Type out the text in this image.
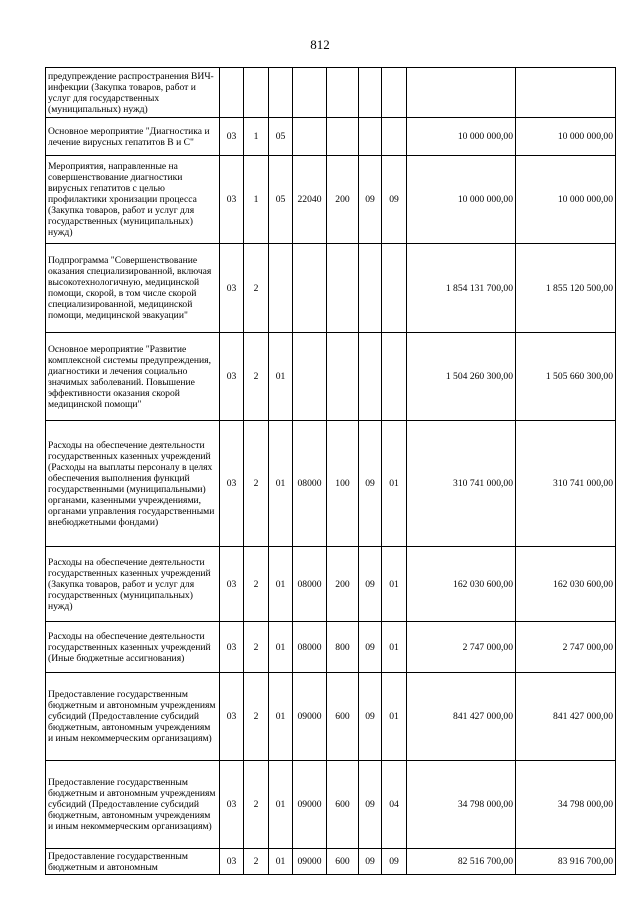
812
предупреждение распространения ВИЧ-инфекции (Закупка товаров, работ и услуг для государственных (муниципальных) нужд)									
Основное мероприятие "Диагностика и лечение вирусных гепатитов В и С"	03	1	05					10 000 000,00	10 000 000,00
Мероприятия, направленные на совершенствование диагностики вирусных гепатитов с целью профилактики хронизации процесса (Закупка товаров, работ и услуг для государственных (муниципальных) нужд)	03	1	05	22040	200	09	09	10 000 000,00	10 000 000,00
Подпрограмма "Совершенствование оказания специализированной, включая высокотехнологичную, медицинской помощи, скорой, в том числе скорой специализированной, медицинской помощи, медицинской эвакуации"	03	2						1 854 131 700,00	1 855 120 500,00
Основное мероприятие "Развитие комплексной системы предупреждения, диагностики и лечения социально значимых заболеваний. Повышение эффективности оказания скорой медицинской помощи"	03	2	01					1 504 260 300,00	1 505 660 300,00
Расходы на обеспечение деятельности государственных казенных учреждений (Расходы на выплаты персоналу в целях обеспечения выполнения функций государственными (муниципальными) органами, казенными учреждениями, органами управления государственными внебюджетными фондами)	03	2	01	08000	100	09	01	310 741 000,00	310 741 000,00
Расходы на обеспечение деятельности государственных казенных учреждений (Закупка товаров, работ и услуг для государственных (муниципальных) нужд)	03	2	01	08000	200	09	01	162 030 600,00	162 030 600,00
Расходы на обеспечение деятельности государственных казенных учреждений (Иные бюджетные ассигнования)	03	2	01	08000	800	09	01	2 747 000,00	2 747 000,00
Предоставление государственным бюджетным и автономным учреждениям субсидий (Предоставление субсидий бюджетным, автономным учреждениям и иным некоммерческим организациям)	03	2	01	09000	600	09	01	841 427 000,00	841 427 000,00
Предоставление государственным бюджетным и автономным учреждениям субсидий (Предоставление субсидий бюджетным, автономным учреждениям и иным некоммерческим организациям)	03	2	01	09000	600	09	04	34 798 000,00	34 798 000,00
Предоставление государственным бюджетным и автономным	03	2	01	09000	600	09	09	82 516 700,00	83 916 700,00
